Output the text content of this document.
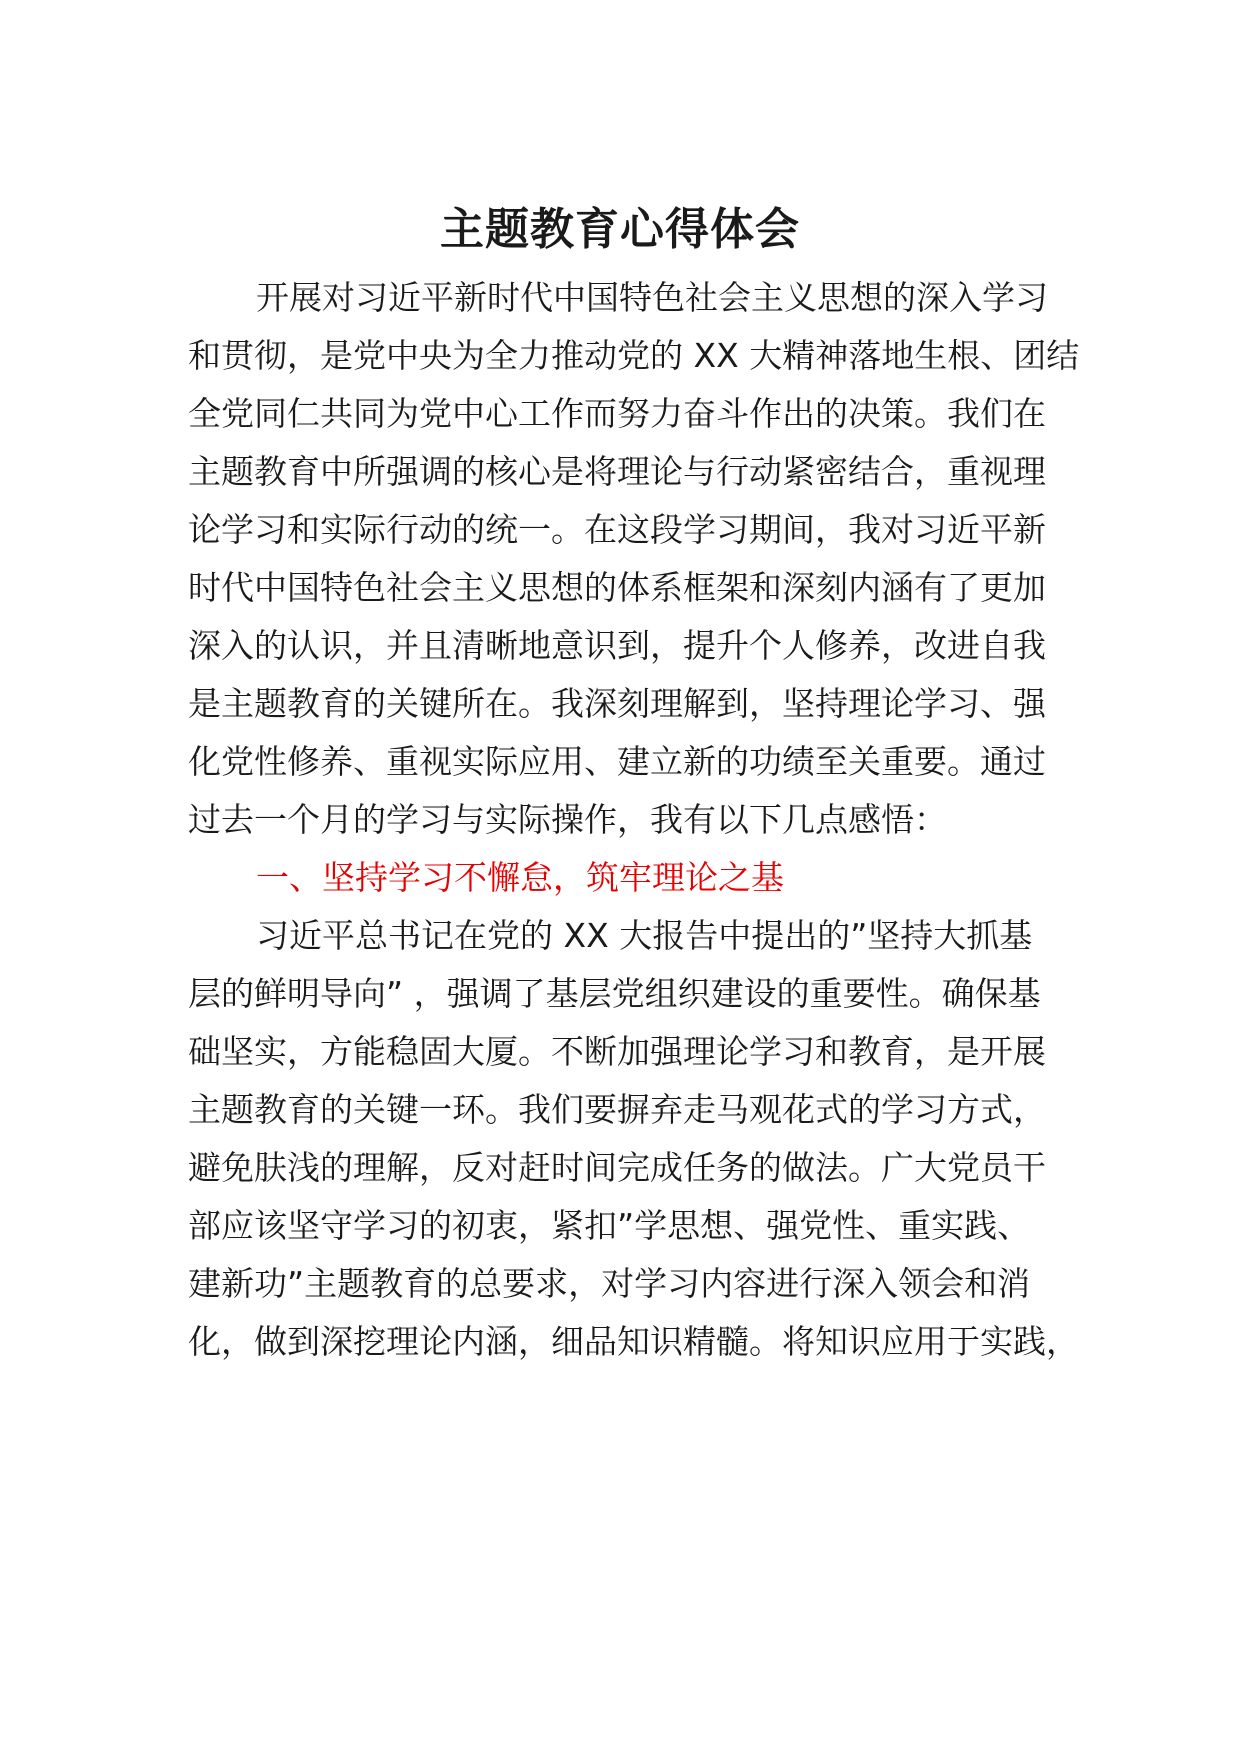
主题教育心得体会

开展对习近平新时代中国特色社会主义思想的深入学习

和贯彻，是党中央为全力推动党的 XX 大精神落地生根、团结

全党同仁共同为党中心工作而努力奋斗作出的决策。我们在

主题教育中所强调的核心是将理论与行动紧密结合，重视理

论学习和实际行动的统一。在这段学习期间，我对习近平新

时代中国特色社会主义思想的体系框架和深刻内涵有了更加

深入的认识，并且清晰地意识到，提升个人修养，改进自我

是主题教育的关键所在。我深刻理解到，坚持理论学习、强

化党性修养、重视实际应用、建立新的功绩至关重要。通过

过去一个月的学习与实际操作，我有以下几点感悟：

一、坚持学习不懈怠，筑牢理论之基

习近平总书记在党的 XX 大报告中提出的”坚持大抓基

层的鲜明导向” ，强调了基层党组织建设的重要性。确保基

础坚实，方能稳固大厦。不断加强理论学习和教育，是开展

主题教育的关键一环。我们要摒弃走马观花式的学习方式，

避免肤浅的理解，反对赶时间完成任务的做法。广大党员干

部应该坚守学习的初衷，紧扣”学思想、强党性、重实践、

建新功”主题教育的总要求，对学习内容进行深入领会和消

化，做到深挖理论内涵，细品知识精髓。将知识应用于实践，
